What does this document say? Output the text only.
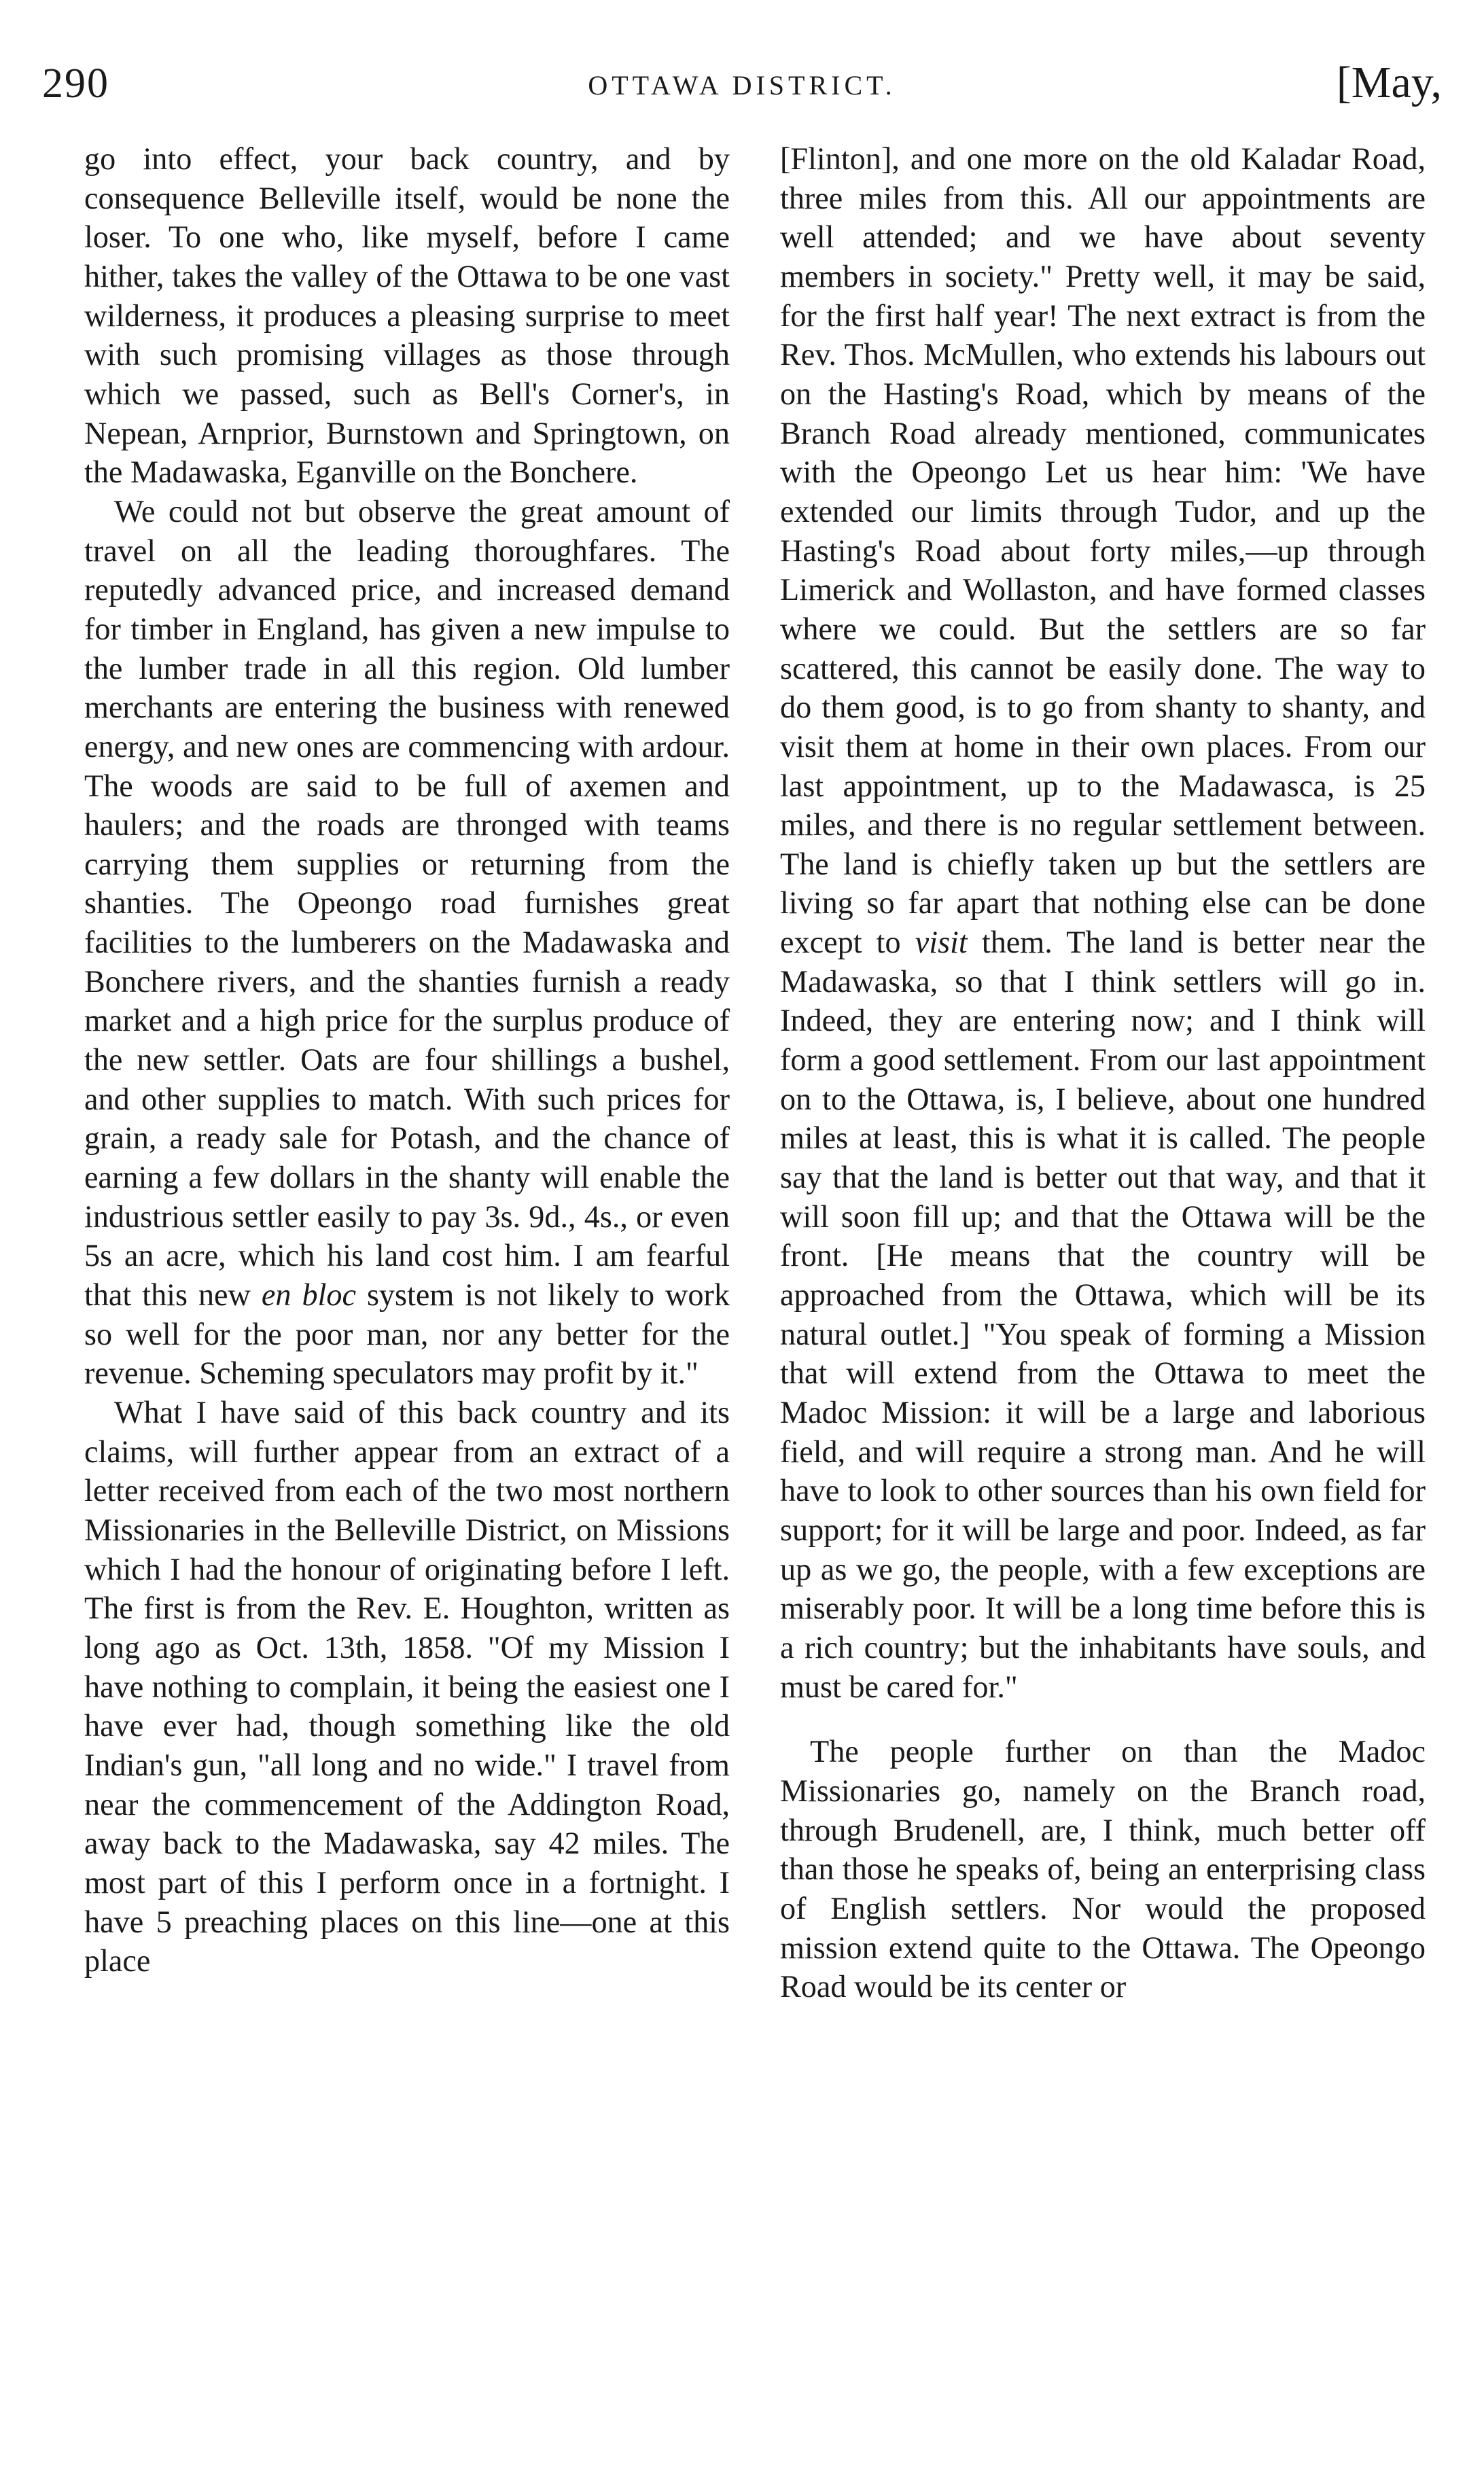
290	OTTAWA DISTRICT.	[May,

go into effect, your back country, and by consequence Belleville itself, would be none the loser. To one who, like myself, before I came hither, takes the valley of the Ottawa to be one vast wilderness, it produces a pleasing surprise to meet with such promising villages as those through which we passed, such as Bell's Corner's, in Nepean, Arnprior, Burnstown and Springtown, on the Madawaska, Eganville on the Bonchere.

We could not but observe the great amount of travel on all the leading thoroughfares. The reputedly advanced price, and increased demand for timber in England, has given a new impulse to the lumber trade in all this region. Old lumber merchants are entering the business with renewed energy, and new ones are commencing with ardour. The woods are said to be full of axemen and haulers; and the roads are thronged with teams carrying them supplies or returning from the shanties. The Opeongo road furnishes great facilities to the lumberers on the Madawaska and Bonchere rivers, and the shanties furnish a ready market and a high price for the surplus produce of the new settler. Oats are four shillings a bushel, and other supplies to match. With such prices for grain, a ready sale for Potash, and the chance of earning a few dollars in the shanty will enable the industrious settler easily to pay 3s. 9d., 4s., or even 5s an acre, which his land cost him. I am fearful that this new en bloc system is not likely to work so well for the poor man, nor any better for the revenue. Scheming speculators may profit by it."

What I have said of this back country and its claims, will further appear from an extract of a letter received from each of the two most northern Missionaries in the Belleville District, on Missions which I had the honour of originating before I left. The first is from the Rev. E. Houghton, written as long ago as Oct. 13th, 1858. "Of my Mission I have nothing to complain, it being the easiest one I have ever had, though something like the old Indian's gun, "all long and no wide." I travel from near the commencement of the Addington Road, away back to the Madawaska, say 42 miles. The most part of this I perform once in a fortnight. I have 5 preaching places on this line—one at this place

[Flinton], and one more on the old Kaladar Road, three miles from this. All our appointments are well attended; and we have about seventy members in society." Pretty well, it may be said, for the first half year! The next extract is from the Rev. Thos. McMullen, who extends his labours out on the Hasting's Road, which by means of the Branch Road already mentioned, communicates with the Opeongo Let us hear him: 'We have extended our limits through Tudor, and up the Hasting's Road about forty miles,—up through Limerick and Wollaston, and have formed classes where we could. But the settlers are so far scattered, this cannot be easily done. The way to do them good, is to go from shanty to shanty, and visit them at home in their own places. From our last appointment, up to the Madawasca, is 25 miles, and there is no regular settlement between. The land is chiefly taken up but the settlers are living so far apart that nothing else can be done except to visit them. The land is better near the Madawaska, so that I think settlers will go in. Indeed, they are entering now; and I think will form a good settlement. From our last appointment on to the Ottawa, is, I believe, about one hundred miles at least, this is what it is called. The people say that the land is better out that way, and that it will soon fill up; and that the Ottawa will be the front. [He means that the country will be approached from the Ottawa, which will be its natural outlet.] "You speak of forming a Mission that will extend from the Ottawa to meet the Madoc Mission: it will be a large and laborious field, and will require a strong man. And he will have to look to other sources than his own field for support; for it will be large and poor. Indeed, as far up as we go, the people, with a few exceptions are miserably poor. It will be a long time before this is a rich country; but the inhabitants have souls, and must be cared for."

The people further on than the Madoc Missionaries go, namely on the Branch road, through Brudenell, are, I think, much better off than those he speaks of, being an enterprising class of English settlers. Nor would the proposed mission extend quite to the Ottawa. The Opeongo Road would be its center or
